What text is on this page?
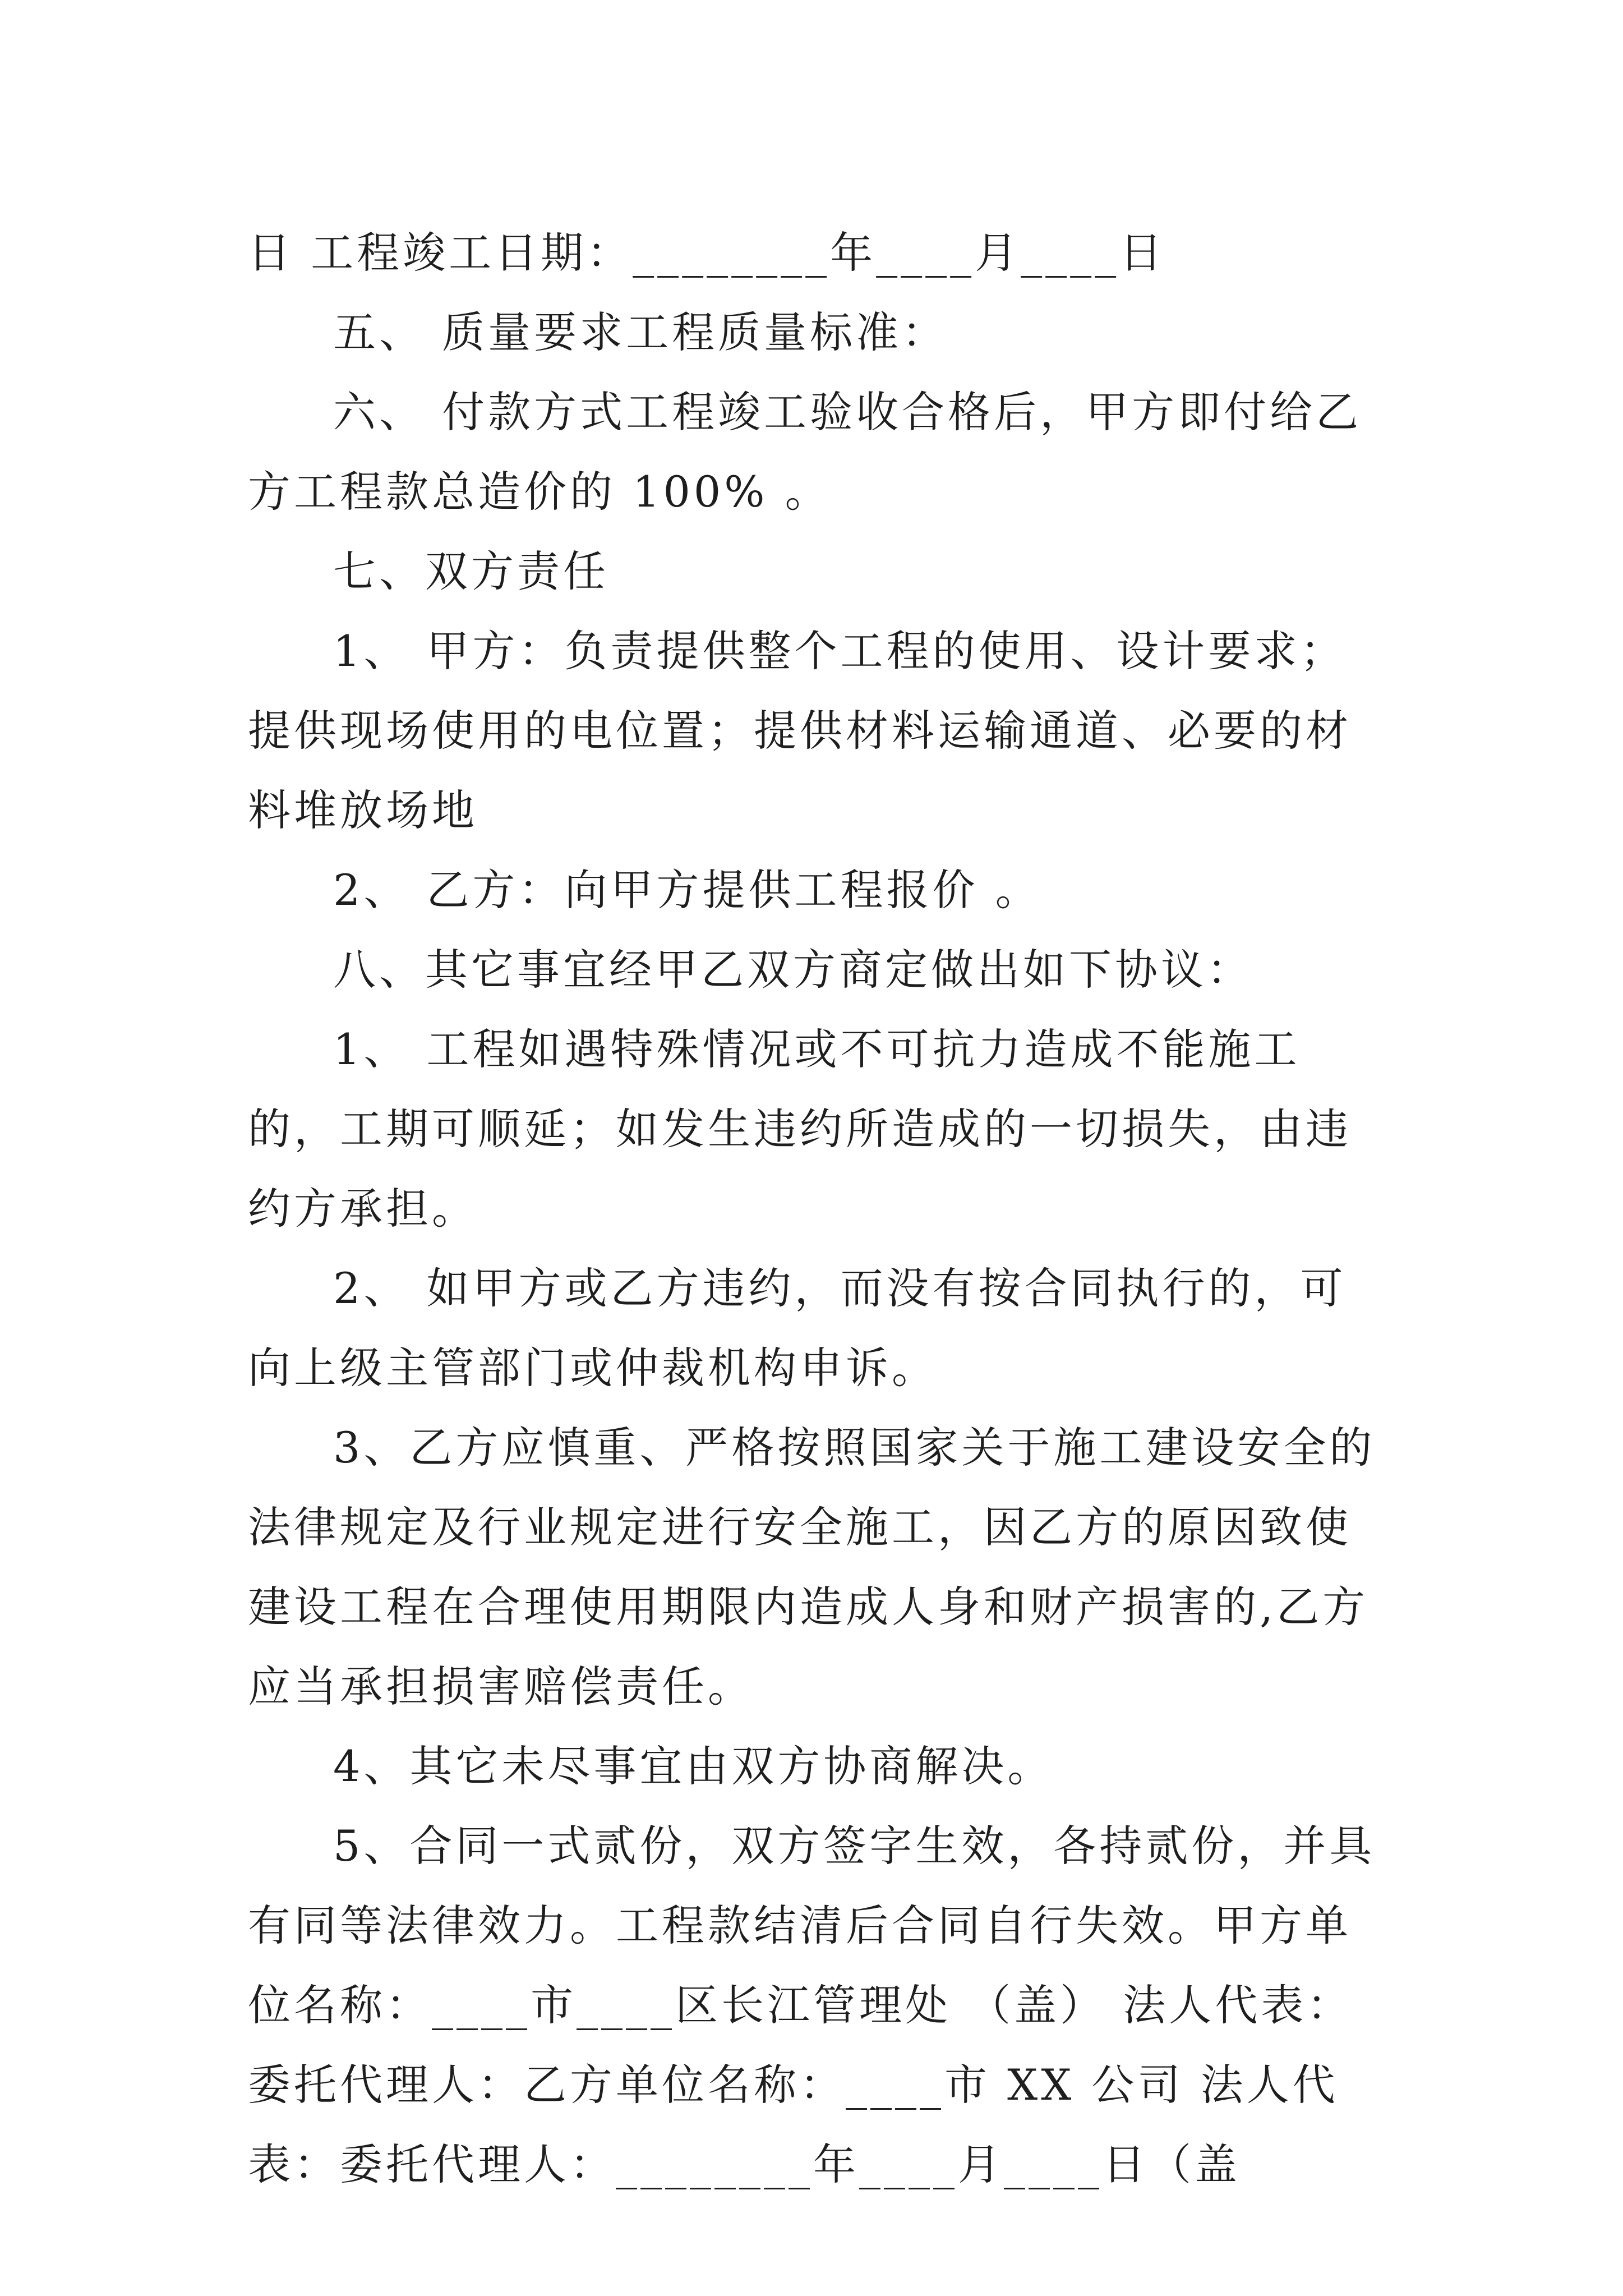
日 工程竣工日期：________年____月____日

五、 质量要求工程质量标准：

六、 付款方式工程竣工验收合格后，甲方即付给乙方工程款总造价的 100% 。

七、双方责任

1、 甲方：负责提供整个工程的使用、设计要求；提供现场使用的电位置；提供材料运输通道、必要的材料堆放场地

2、 乙方：向甲方提供工程报价 。

八、其它事宜经甲乙双方商定做出如下协议：

1、 工程如遇特殊情况或不可抗力造成不能施工的，工期可顺延；如发生违约所造成的一切损失，由违约方承担。

2、 如甲方或乙方违约，而没有按合同执行的，可向上级主管部门或仲裁机构申诉。

3、乙方应慎重、严格按照国家关于施工建设安全的法律规定及行业规定进行安全施工，因乙方的原因致使建设工程在合理使用期限内造成人身和财产损害的,乙方应当承担损害赔偿责任。

4、其它未尽事宜由双方协商解决。

5、合同一式贰份，双方签字生效，各持贰份，并具有同等法律效力。工程款结清后合同自行失效。甲方单位名称：____市____区长江管理处 （盖） 法人代表： 委托代理人：乙方单位名称：____市 XX 公司 法人代表：委托代理人：________年____月____日（盖
